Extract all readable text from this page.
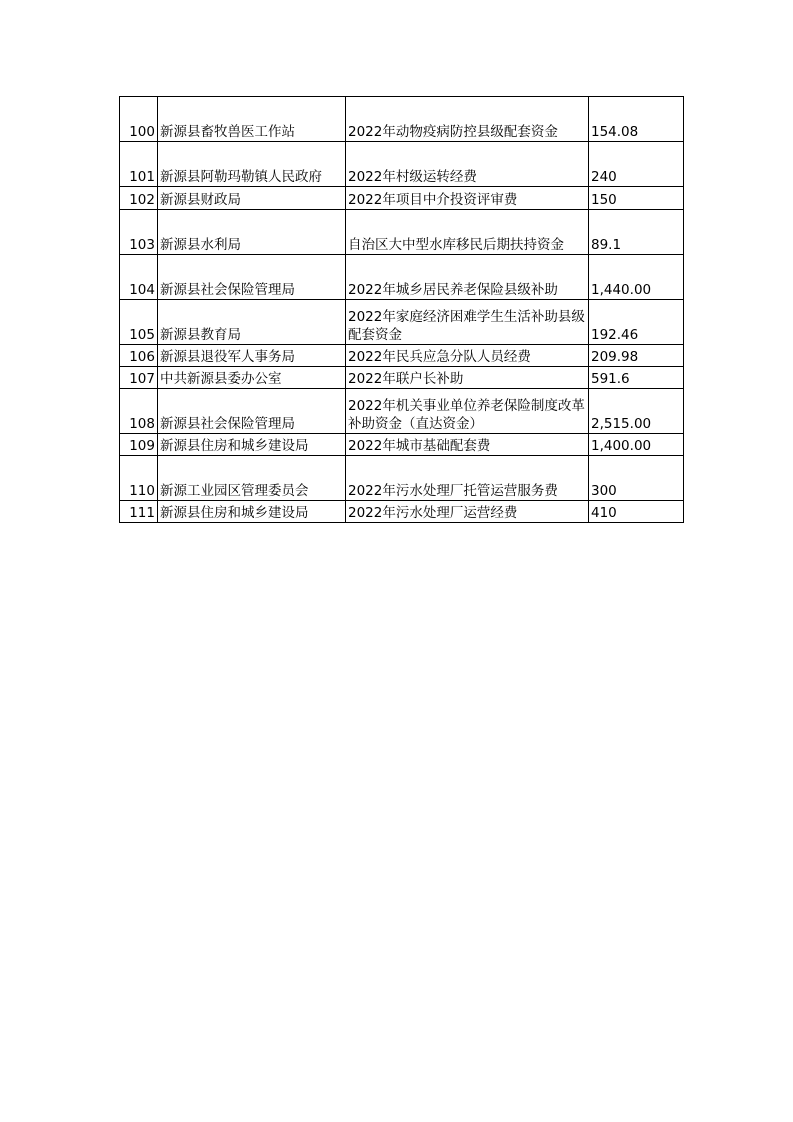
100	新源县畜牧兽医工作站	2022年动物疫病防控县级配套资金	154.08
101	新源县阿勒玛勒镇人民政府	2022年村级运转经费	240
102	新源县财政局	2022年项目中介投资评审费	150
103	新源县水利局	自治区大中型水库移民后期扶持资金	89.1
104	新源县社会保险管理局	2022年城乡居民养老保险县级补助	1,440.00
105	新源县教育局	2022年家庭经济困难学生生活补助县级配套资金	192.46
106	新源县退役军人事务局	2022年民兵应急分队人员经费	209.98
107	中共新源县委办公室	2022年联户长补助	591.6
108	新源县社会保险管理局	2022年机关事业单位养老保险制度改革补助资金（直达资金）	2,515.00
109	新源县住房和城乡建设局	2022年城市基础配套费	1,400.00
110	新源工业园区管理委员会	2022年污水处理厂托管运营服务费	300
111	新源县住房和城乡建设局	2022年污水处理厂运营经费	410
